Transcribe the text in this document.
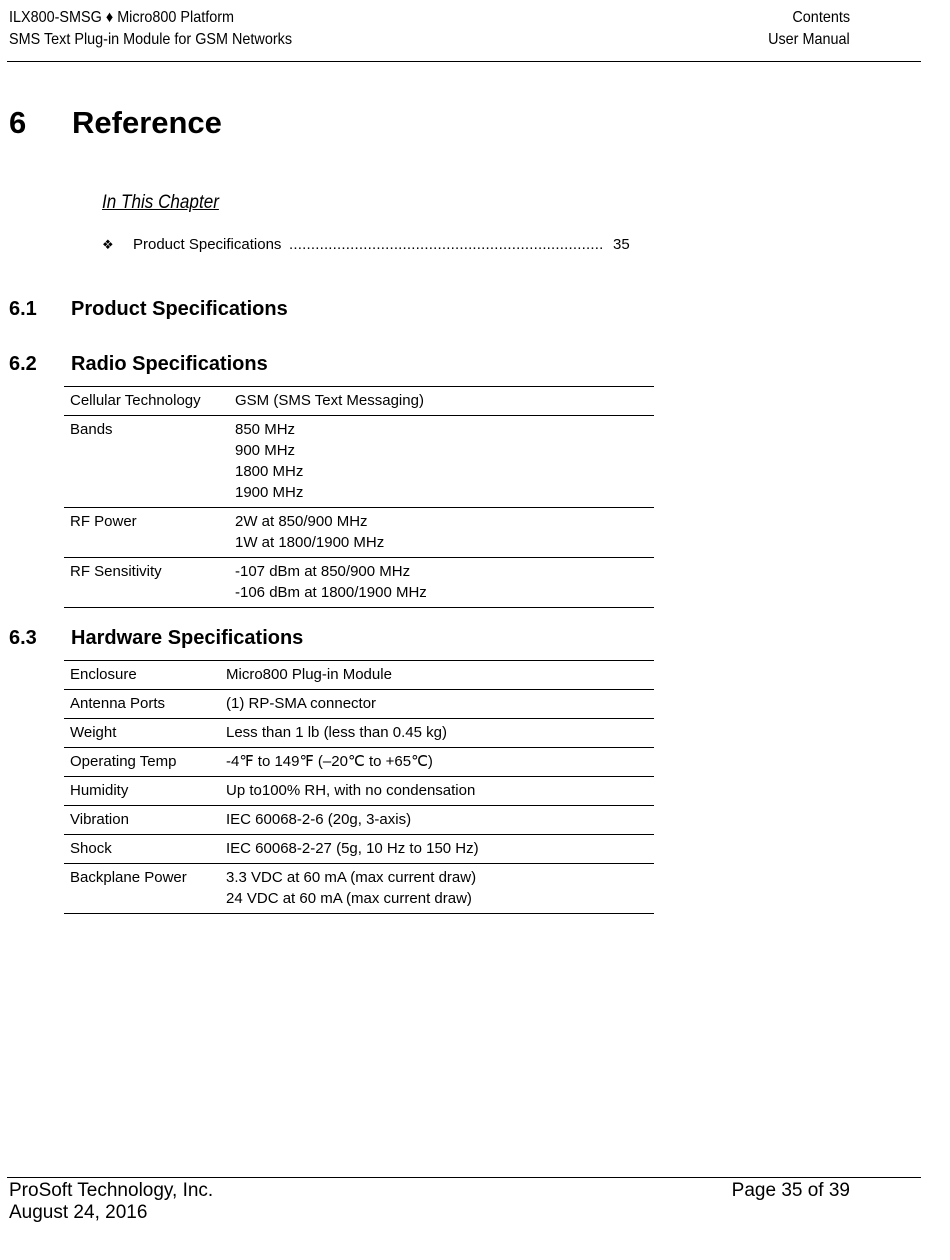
ILX800-SMSG ♦ Micro800 Platform
SMS Text Plug-in Module for GSM Networks
Contents
User Manual
6 Reference
In This Chapter
❖ Product Specifications ........................................................................ 35
6.1 Product Specifications
6.2 Radio Specifications
Cellular Technology	GSM (SMS Text Messaging)

Bands	850 MHz
900 MHz
1800 MHz
1900 MHz

RF Power	2W at 850/900 MHz
1W at 1800/1900 MHz

RF Sensitivity	-107 dBm at 850/900 MHz
-106 dBm at 1800/1900 MHz
6.3 Hardware Specifications
Enclosure	Micro800 Plug-in Module

Antenna Ports	(1) RP-SMA connector

Weight	Less than 1 lb (less than 0.45 kg)

Operating Temp	-4℉ to 149℉ (–20℃ to +65℃)

Humidity	Up to100% RH, with no condensation

Vibration	IEC 60068-2-6 (20g, 3-axis)

Shock	IEC 60068-2-27 (5g, 10 Hz to 150 Hz)

Backplane Power	3.3 VDC at 60 mA (max current draw)
24 VDC at 60 mA (max current draw)
ProSoft Technology, Inc.
August 24, 2016
Page 35 of 39
